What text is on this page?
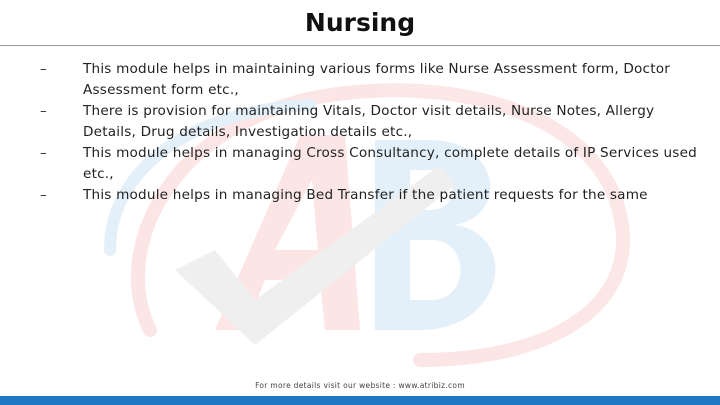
Nursing
–	This module helps in maintaining various forms like Nurse Assessment form, Doctor Assessment form etc.,
–	There is provision for maintaining Vitals, Doctor visit details, Nurse Notes, Allergy Details, Drug details, Investigation details etc.,
–	This module helps in managing Cross Consultancy, complete details of IP Services used etc.,
–	This module helps in managing Bed Transfer if the patient requests for the same
For more details visit our website : www.atribiz.com
